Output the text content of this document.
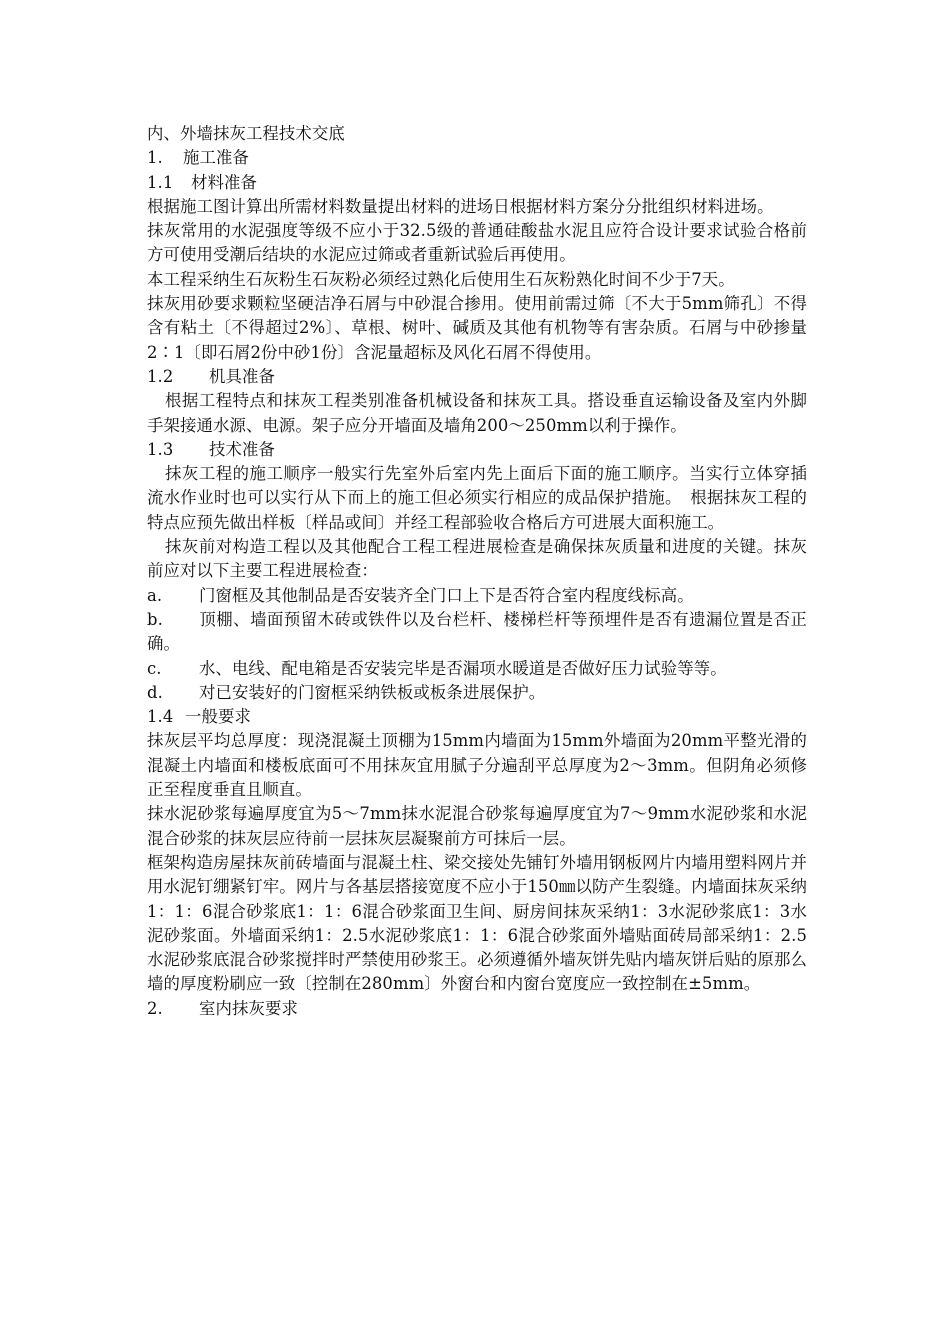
内、外墙抹灰工程技术交底

1. 施工准备

1.1 材料准备

根据施工图计算出所需材料数量提出材料的进场日根据材料方案分分批组织材料进场。

抹灰常用的水泥强度等级不应小于32.5级的普通硅酸盐水泥且应符合设计要求试验合格前方可使用受潮后结块的水泥应过筛或者重新试验后再使用。

本工程采纳生石灰粉生石灰粉必须经过熟化后使用生石灰粉熟化时间不少于7天。

抹灰用砂要求颗粒坚硬洁净石屑与中砂混合掺用。使用前需过筛〔不大于5mm筛孔〕不得含有粘土〔不得超过2%〕、草根、树叶、碱质及其他有机物等有害杂质。石屑与中砂掺量2∶1〔即石屑2份中砂1份〕含泥量超标及风化石屑不得使用。

1.2 机具准备

根据工程特点和抹灰工程类别准备机械设备和抹灰工具。搭设垂直运输设备及室内外脚手架接通水源、电源。架子应分开墙面及墙角200～250mm以利于操作。

1.3 技术准备

抹灰工程的施工顺序一般实行先室外后室内先上面后下面的施工顺序。当实行立体穿插流水作业时也可以实行从下而上的施工但必须实行相应的成品保护措施。　根据抹灰工程的特点应预先做出样板〔样品或间〕并经工程部验收合格后方可进展大面积施工。

抹灰前对构造工程以及其他配合工程工程进展检查是确保抹灰质量和进度的关键。抹灰前应对以下主要工程进展检查：

a. 门窗框及其他制品是否安装齐全门口上下是否符合室内程度线标高。

b. 顶棚、墙面预留木砖或铁件以及台栏杆、楼梯栏杆等预埋件是否有遗漏位置是否正确。

c. 水、电线、配电箱是否安装完毕是否漏项水暖道是否做好压力试验等等。

d. 对已安装好的门窗框采纳铁板或板条进展保护。

1.4 一般要求

抹灰层平均总厚度：现浇混凝土顶棚为15mm内墙面为15mm外墙面为20mm平整光滑的混凝土内墙面和楼板底面可不用抹灰宜用腻子分遍刮平总厚度为2～3mm。但阴角必须修正至程度垂直且顺直。

抹水泥砂浆每遍厚度宜为5～7mm抹水泥混合砂浆每遍厚度宜为7～9mm水泥砂浆和水泥混合砂浆的抹灰层应待前一层抹灰层凝聚前方可抹后一层。

框架构造房屋抹灰前砖墙面与混凝土柱、梁交接处先铺钉外墙用钢板网片内墙用塑料网片并用水泥钉绷紧钉牢。网片与各基层搭接宽度不应小于150㎜以防产生裂缝。内墙面抹灰采纳1：1：6混合砂浆底1：1：6混合砂浆面卫生间、厨房间抹灰采纳1：3水泥砂浆底1：3水泥砂浆面。外墙面采纳1：2.5水泥砂浆底1：1：6混合砂浆面外墙贴面砖局部采纳1：2.5水泥砂浆底混合砂浆搅拌时严禁使用砂浆王。必须遵循外墙灰饼先贴内墙灰饼后贴的原那么墙的厚度粉刷应一致〔控制在280mm〕外窗台和内窗台宽度应一致控制在±5mm。

2. 室内抹灰要求
